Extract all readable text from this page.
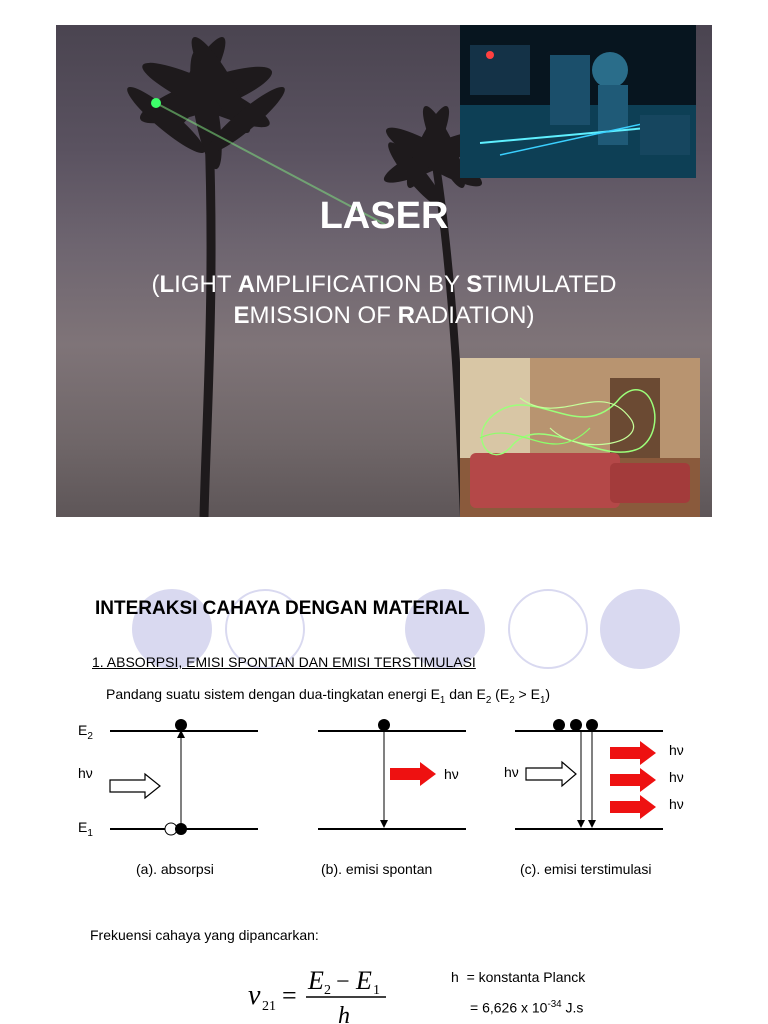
LASER
(LIGHT AMPLIFICATION BY STIMULATED
EMISSION OF RADIATION)
INTERAKSI CAHAYA DENGAN MATERIAL
1. ABSORPSI, EMISI SPONTAN DAN EMISI TERSTIMULASI
Pandang suatu sistem dengan dua-tingkatan energi $E_1$ dan $E_2$ $(E_2 > E_1)$
$E_2$
$E_1$
hν	hν	hν
hν
hν
hν
(a). absorpsi	(b). emisi spontan	(c). emisi terstimulasi
Frekuensi cahaya yang dipancarkan:
ν 21 =
E 2 − E 1
h
h = konstanta Planck
= 6,626 x $10^{-34}$ J.s
